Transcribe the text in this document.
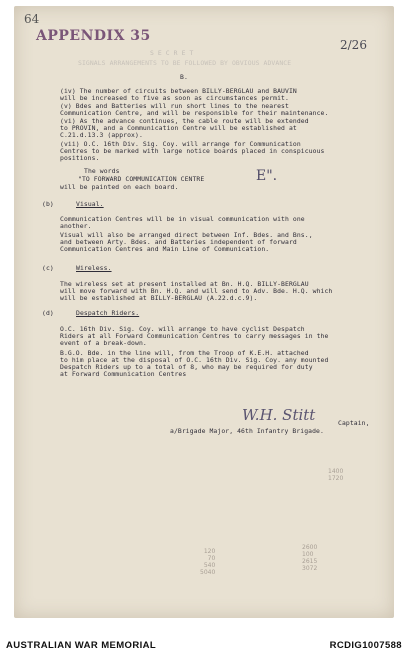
64
APPENDIX 35
2/26
S E C R E T
SIGNALS ARRANGEMENTS TO BE FOLLOWED BY OBVIOUS ADVANCE
B.
(iv) The number of circuits between BILLY-BERGLAU and BAUVIN
will be increased to five as soon as circumstances permit.
(v) Bdes and Batteries will run short lines to the nearest
Communication Centre, and will be responsible for their maintenance.
(vi) As the advance continues, the cable route will be extended
to PROVIN, and a Communication Centre will be established at
C.21.d.13.3 (approx).
(vii) O.C. 16th Div. Sig. Coy. will arrange for Communication
Centres to be marked with large notice boards placed in conspicuous
positions.
The words
"TO FORWARD COMMUNICATION CENTRE	E".
will be painted on each board.
(b)	Visual.
Communication Centres will be in visual communication with one
another.
Visual will also be arranged direct between Inf. Bdes. and Bns.,
and between Arty. Bdes. and Batteries independent of forward
Communication Centres and Main Line of Communication.
(c)	Wireless.
The wireless set at present installed at Bn. H.Q. BILLY-BERGLAU
will move forward with Bn. H.Q. and will send to Adv. Bde. H.Q. which
will be established at BILLY-BERGLAU (A.22.d.c.9).
(d)	Despatch Riders.
O.C. 16th Div. Sig. Coy. will arrange to have cyclist Despatch
Riders at all Forward Communication Centres to carry messages in the
event of a break-down.
B.G.O. Bde. in the line will, from the Troop of K.E.H. attached
to him place at the disposal of O.C. 16th Div. Sig. Coy. any mounted
Despatch Riders up to a total of 8, who may be required for duty
at Forward Communication Centres
W.H. Stitt	Captain,
a/Brigade Major, 46th Infantry Brigade.
1400
1720
120
70
540
5040
2600
100
2615
3072
AUSTRALIAN WAR MEMORIAL	RCDIG1007588
